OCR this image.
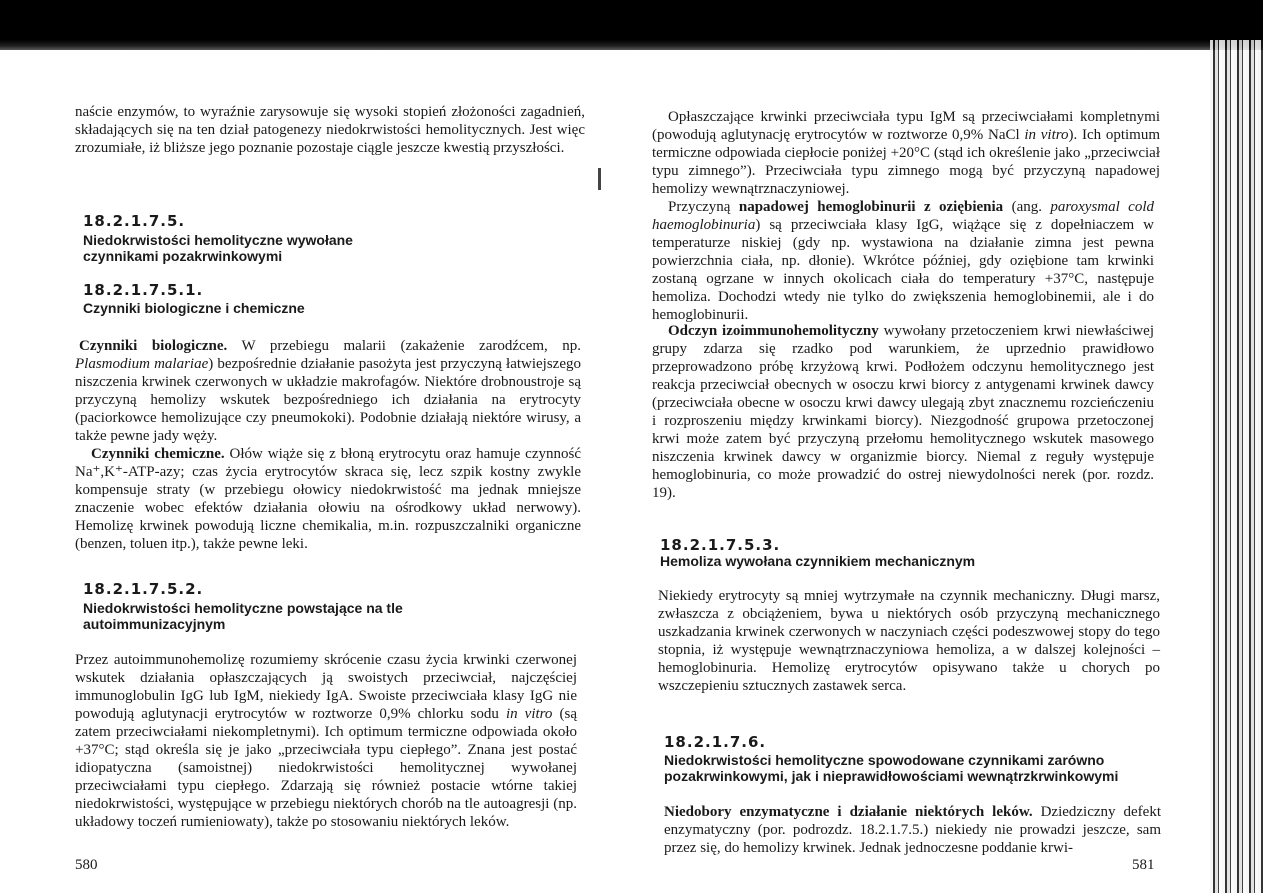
naście enzymów, to wyraźnie zarysowuje się wysoki stopień złożoności zagadnień, składających się na ten dział patogenezy niedokrwistości hemolitycznych. Jest więc zrozumiałe, iż bliższe jego poznanie pozostaje ciągle jeszcze kwestią przyszłości.

18.2.1.7.5.

Niedokrwistości hemolityczne wywołane czynnikami pozakrwinkowymi

18.2.1.7.5.1.

Czynniki biologiczne i chemiczne

Czynniki biologiczne. W przebiegu malarii (zakażenie zarodźcem, np. Plasmodium malariae) bezpośrednie działanie pasożyta jest przyczyną łatwiejszego niszczenia krwinek czerwonych w układzie makrofagów. Niektóre drobnoustroje są przyczyną hemolizy wskutek bezpośredniego ich działania na erytrocyty (paciorkowce hemolizujące czy pneumokoki). Podobnie działają niektóre wirusy, a także pewne jady węży.

Czynniki chemiczne. Ołów wiąże się z błoną erytrocytu oraz hamuje czynność Na⁺,K⁺-ATP-azy; czas życia erytrocytów skraca się, lecz szpik kostny zwykle kompensuje straty (w przebiegu ołowicy niedokrwistość ma jednak mniejsze znaczenie wobec efektów działania ołowiu na ośrodkowy układ nerwowy). Hemolizę krwinek powodują liczne chemikalia, m.in. rozpuszczalniki organiczne (benzen, toluen itp.), także pewne leki.

18.2.1.7.5.2.

Niedokrwistości hemolityczne powstające na tle autoimmunizacyjnym

Przez autoimmunohemolizę rozumiemy skrócenie czasu życia krwinki czerwonej wskutek działania opłaszczających ją swoistych przeciwciał, najczęściej immunoglobulin IgG lub IgM, niekiedy IgA. Swoiste przeciwciała klasy IgG nie powodują aglutynacji erytrocytów w roztworze 0,9% chlorku sodu in vitro (są zatem przeciwciałami niekompletnymi). Ich optimum termiczne odpowiada około +37°C; stąd określa się je jako „przeciwciała typu ciepłego”. Znana jest postać idiopatyczna (samoistnej) niedokrwistości hemolitycznej wywołanej przeciwciałami typu ciepłego. Zdarzają się również postacie wtórne takiej niedokrwistości, występujące w przebiegu niektórych chorób na tle autoagresji (np. układowy toczeń rumieniowaty), także po stosowaniu niektórych leków.

580

Opłaszczające krwinki przeciwciała typu IgM są przeciwciałami kompletnymi (powodują aglutynację erytrocytów w roztworze 0,9% NaCl in vitro). Ich optimum termiczne odpowiada ciepłocie poniżej +20°C (stąd ich określenie jako „przeciwciał typu zimnego”). Przeciwciała typu zimnego mogą być przyczyną napadowej hemolizy wewnątrznaczyniowej.

Przyczyną napadowej hemoglobinurii z oziębienia (ang. paroxysmal cold haemoglobinuria) są przeciwciała klasy IgG, wiążące się z dopełniaczem w temperaturze niskiej (gdy np. wystawiona na działanie zimna jest pewna powierzchnia ciała, np. dłonie). Wkrótce później, gdy oziębione tam krwinki zostaną ogrzane w innych okolicach ciała do temperatury +37°C, następuje hemoliza. Dochodzi wtedy nie tylko do zwiększenia hemoglobinemii, ale i do hemoglobinurii.

Odczyn izoimmunohemolityczny wywołany przetoczeniem krwi niewłaściwej grupy zdarza się rzadko pod warunkiem, że uprzednio prawidłowo przeprowadzono próbę krzyżową krwi. Podłożem odczynu hemolitycznego jest reakcja przeciwciał obecnych w osoczu krwi biorcy z antygenami krwinek dawcy (przeciwciała obecne w osoczu krwi dawcy ulegają zbyt znacznemu rozcieńczeniu i rozproszeniu między krwinkami biorcy). Niezgodność grupowa przetoczonej krwi może zatem być przyczyną przełomu hemolitycznego wskutek masowego niszczenia krwinek dawcy w organizmie biorcy. Niemal z reguły występuje hemoglobinuria, co może prowadzić do ostrej niewydolności nerek (por. rozdz. 19).

18.2.1.7.5.3.

Hemoliza wywołana czynnikiem mechanicznym

Niekiedy erytrocyty są mniej wytrzymałe na czynnik mechaniczny. Długi marsz, zwłaszcza z obciążeniem, bywa u niektórych osób przyczyną mechanicznego uszkadzania krwinek czerwonych w naczyniach części podeszwowej stopy do tego stopnia, iż występuje wewnątrznaczyniowa hemoliza, a w dalszej kolejności – hemoglobinuria. Hemolizę erytrocytów opisywano także u chorych po wszczepieniu sztucznych zastawek serca.

18.2.1.7.6.

Niedokrwistości hemolityczne spowodowane czynnikami zarówno pozakrwinkowymi, jak i nieprawidłowościami wewnątrzkrwinkowymi

Niedobory enzymatyczne i działanie niektórych leków. Dziedziczny defekt enzymatyczny (por. podrozdz. 18.2.1.7.5.) niekiedy nie prowadzi jeszcze, sam przez się, do hemolizy krwinek. Jednak jednoczesne poddanie krwi-

581
